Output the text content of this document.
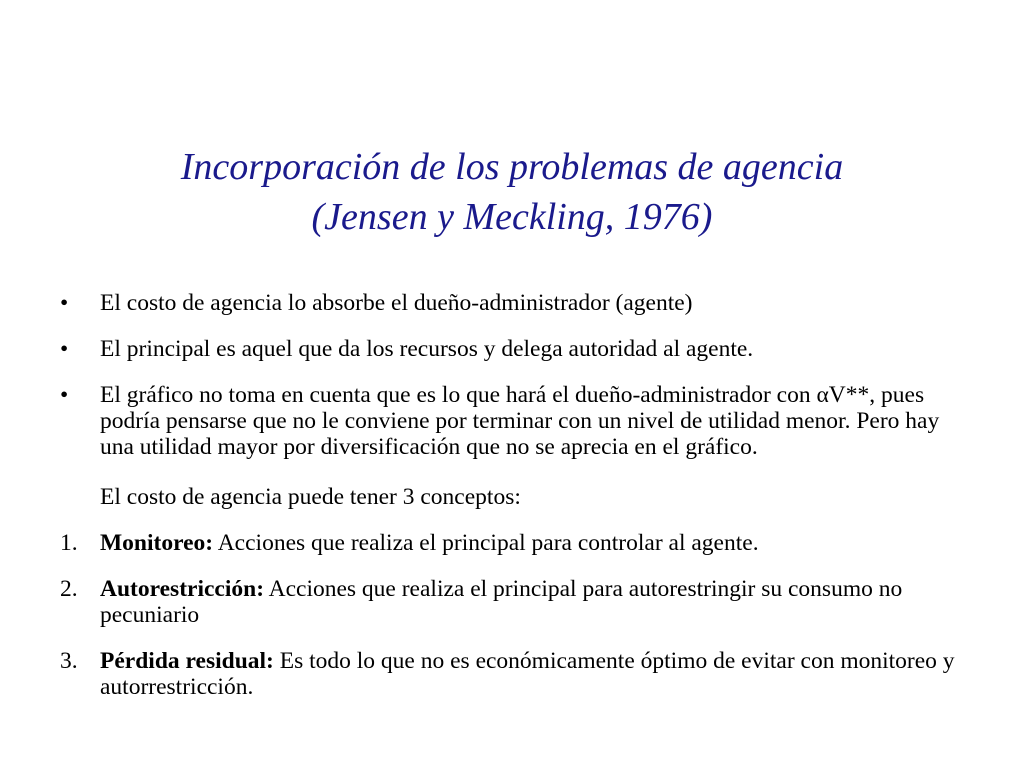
Incorporación de los problemas de agencia
(Jensen y Meckling, 1976)
•	El costo de agencia lo absorbe el dueño-administrador (agente)
•	El principal es aquel que da los recursos y delega autoridad al agente.
•	El gráfico no toma en cuenta que es lo que hará el dueño-administrador con αV**, pues podría pensarse que no le conviene por terminar con un nivel de utilidad menor. Pero hay una utilidad mayor por diversificación que no se aprecia en el gráfico.
El costo de agencia puede tener 3 conceptos:
1. Monitoreo: Acciones que realiza el principal para controlar al agente.
2. Autorestricción: Acciones que realiza el principal para autorestringir su consumo no pecuniario
3. Pérdida residual: Es todo lo que no es económicamente óptimo de evitar con monitoreo y autorrestricción.
